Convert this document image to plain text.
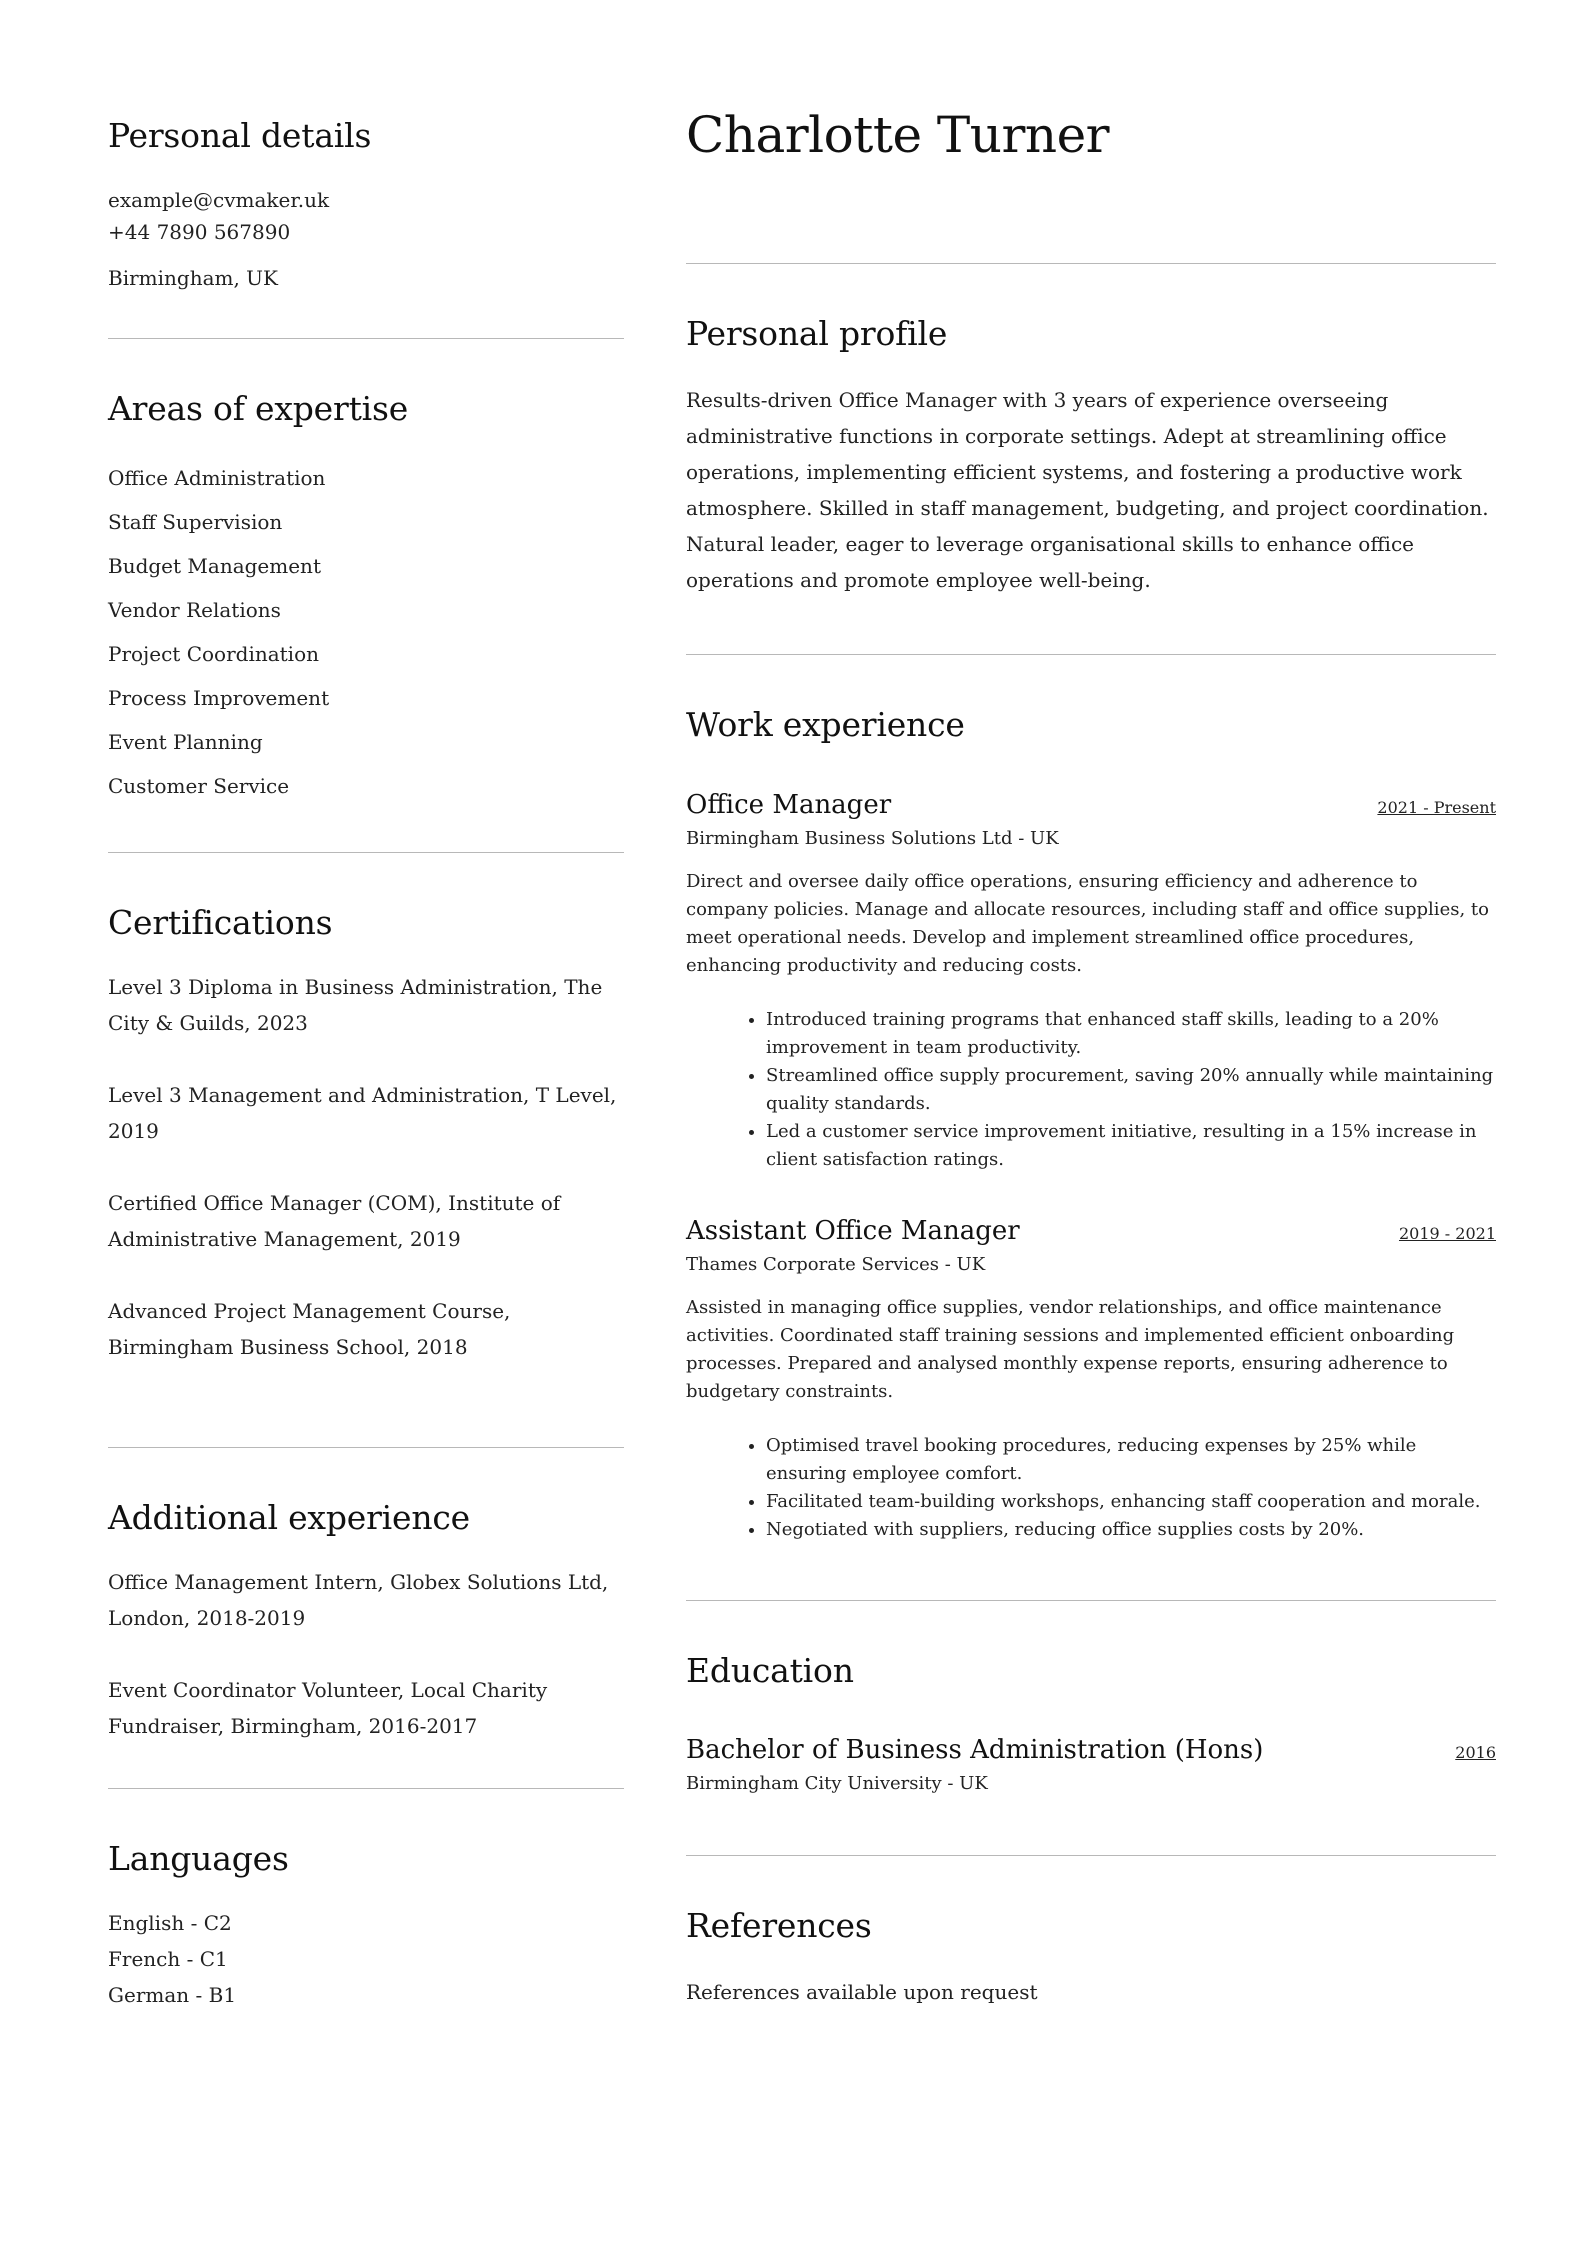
Personal details
example@cvmaker.uk
+44 7890 567890
Birmingham, UK
Areas of expertise
Office Administration
Staff Supervision
Budget Management
Vendor Relations
Project Coordination
Process Improvement
Event Planning
Customer Service
Certifications
Level 3 Diploma in Business Administration, The City & Guilds, 2023
Level 3 Management and Administration, T Level, 2019
Certified Office Manager (COM), Institute of Administrative Management, 2019
Advanced Project Management Course, Birmingham Business School, 2018
Additional experience
Office Management Intern, Globex Solutions Ltd, London, 2018-2019
Event Coordinator Volunteer, Local Charity Fundraiser, Birmingham, 2016-2017
Languages
English - C2
French - C1
German - B1
Charlotte Turner
Personal profile
Results-driven Office Manager with 3 years of experience overseeing administrative functions in corporate settings. Adept at streamlining office operations, implementing efficient systems, and fostering a productive work atmosphere. Skilled in staff management, budgeting, and project coordination. Natural leader, eager to leverage organisational skills to enhance office operations and promote employee well-being.
Work experience
Office Manager	2021 - Present
Birmingham Business Solutions Ltd - UK
Direct and oversee daily office operations, ensuring efficiency and adherence to company policies. Manage and allocate resources, including staff and office supplies, to meet operational needs. Develop and implement streamlined office procedures, enhancing productivity and reducing costs.
• Introduced training programs that enhanced staff skills, leading to a 20% improvement in team productivity.
• Streamlined office supply procurement, saving 20% annually while maintaining quality standards.
• Led a customer service improvement initiative, resulting in a 15% increase in client satisfaction ratings.
Assistant Office Manager	2019 - 2021
Thames Corporate Services - UK
Assisted in managing office supplies, vendor relationships, and office maintenance activities. Coordinated staff training sessions and implemented efficient onboarding processes. Prepared and analysed monthly expense reports, ensuring adherence to budgetary constraints.
• Optimised travel booking procedures, reducing expenses by 25% while ensuring employee comfort.
• Facilitated team-building workshops, enhancing staff cooperation and morale.
• Negotiated with suppliers, reducing office supplies costs by 20%.
Education
Bachelor of Business Administration (Hons)	2016
Birmingham City University - UK
References
References available upon request
